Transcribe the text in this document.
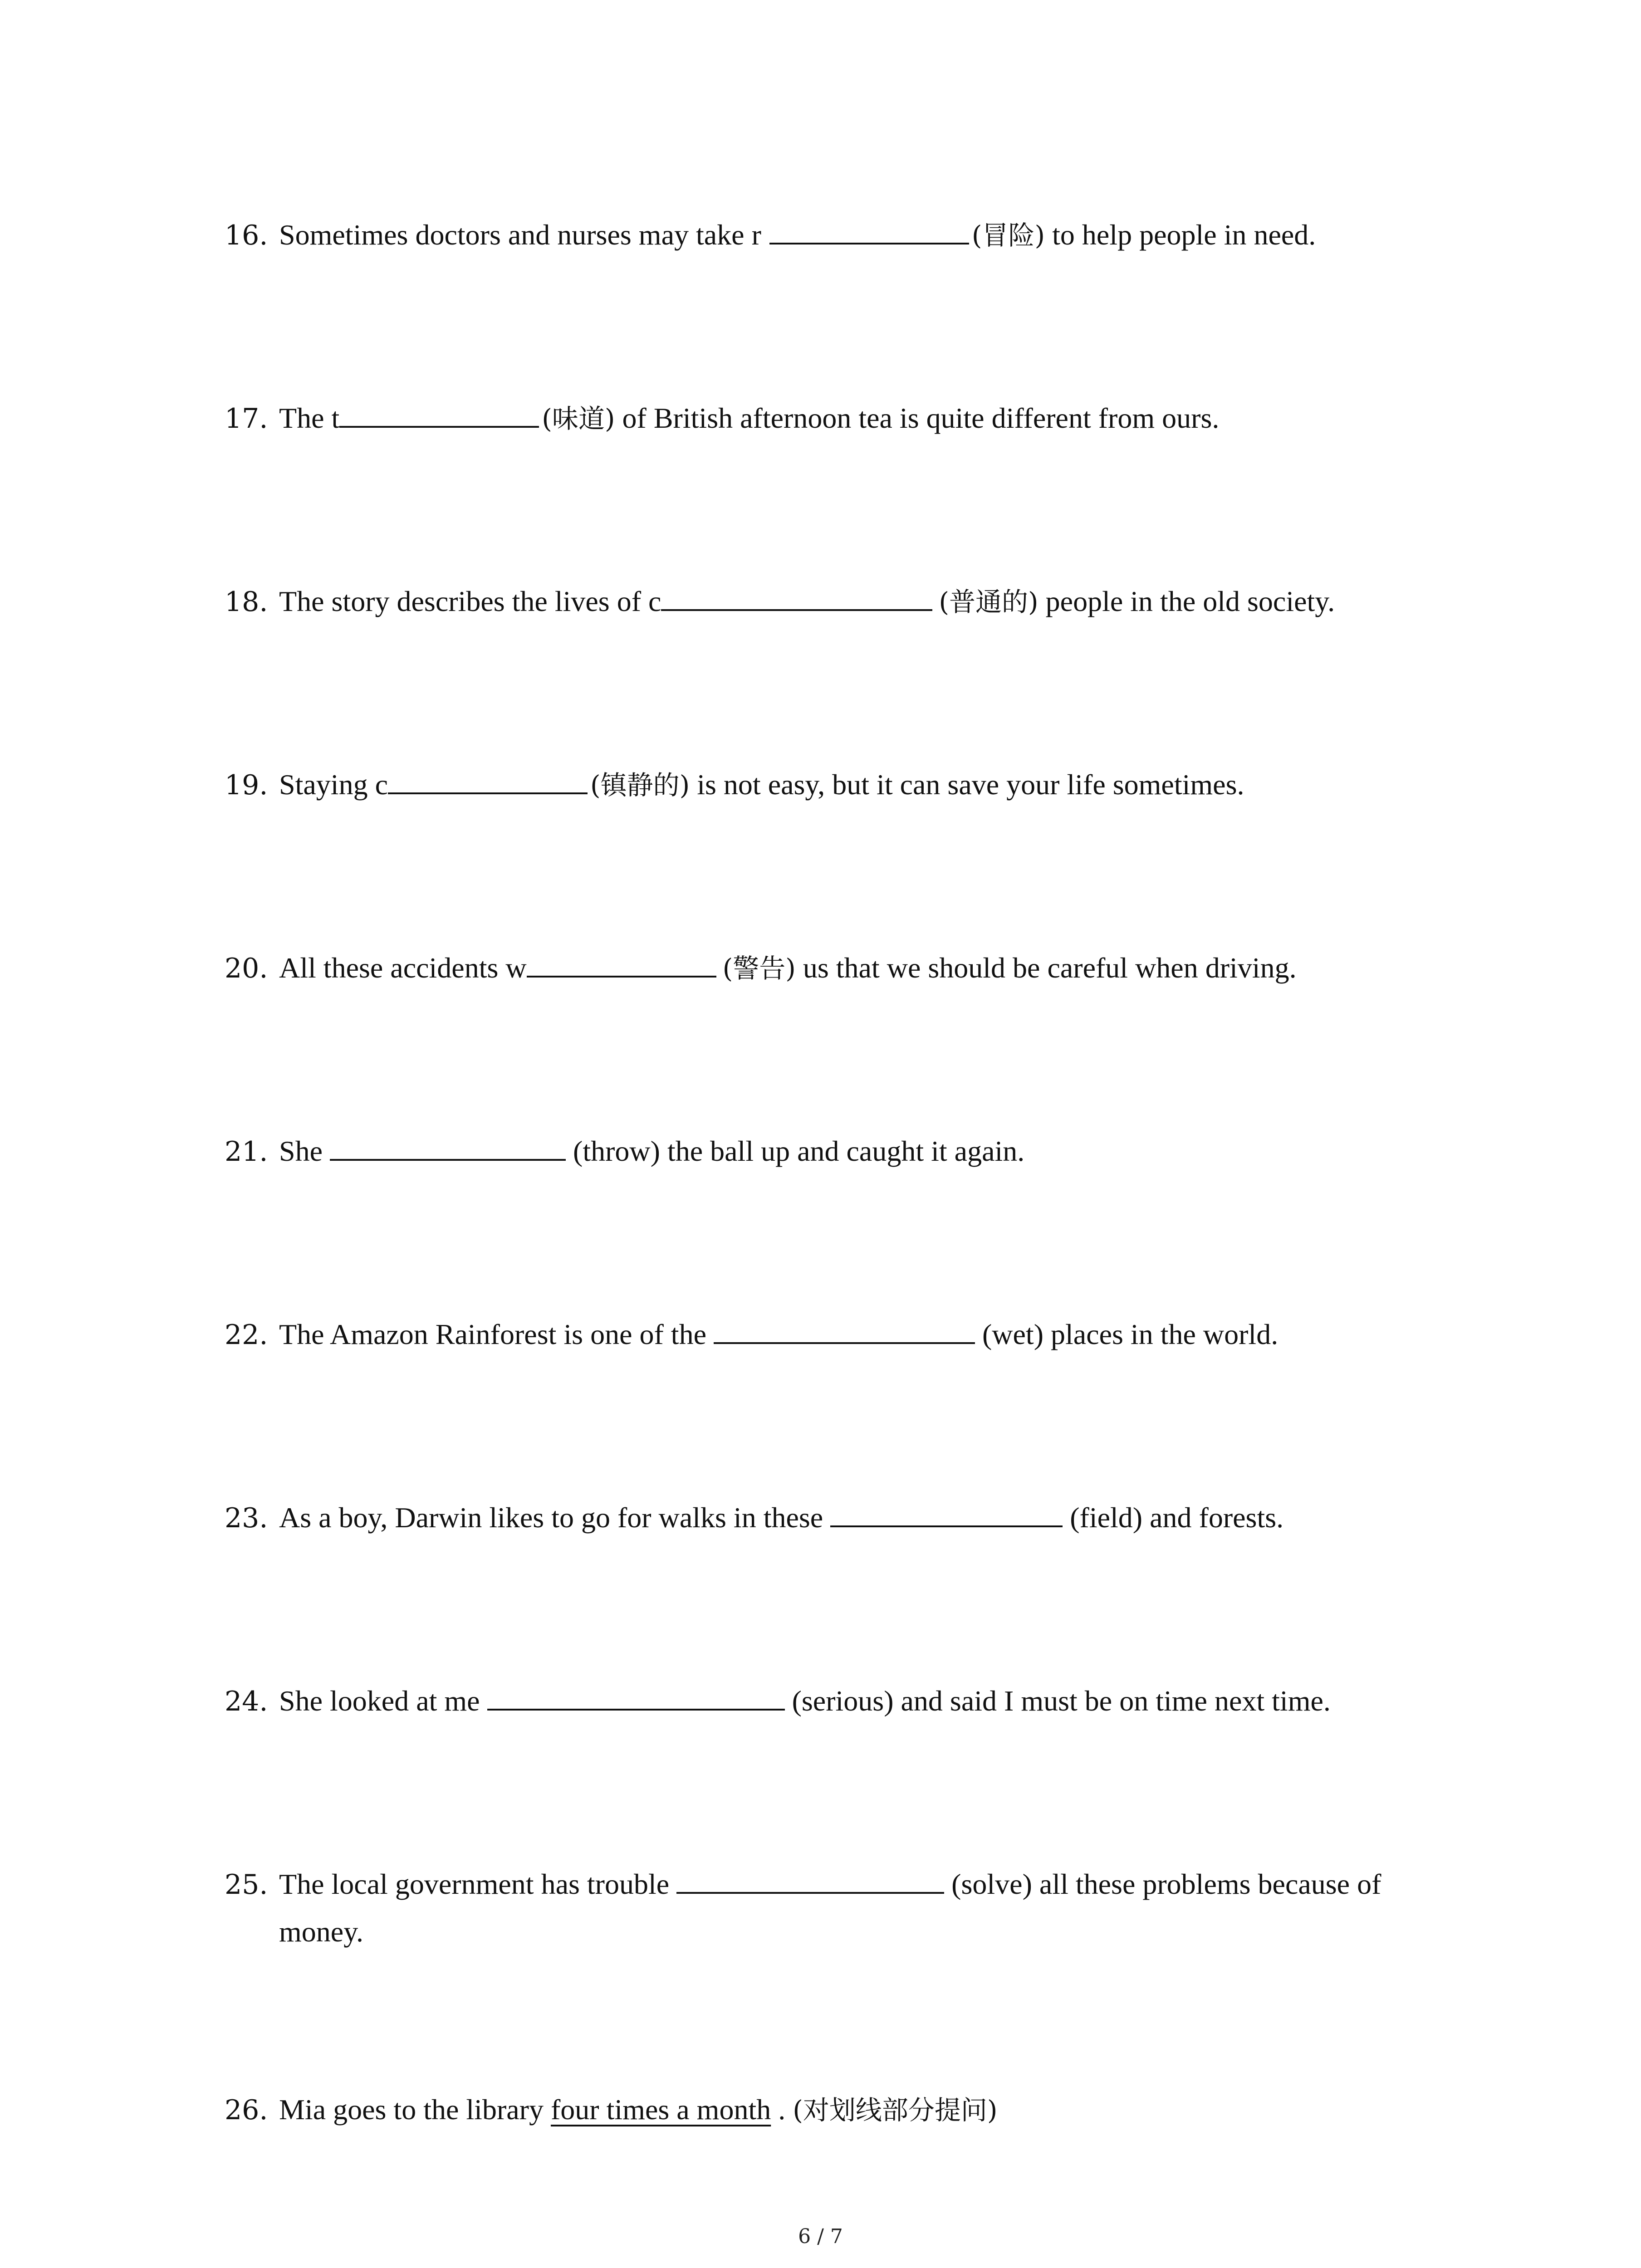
16. Sometimes doctors and nurses may take r	(冒险) to help people in need.
17. The t	(味道) of British afternoon tea is quite different from ours.
18. The story describes the lives of c	(普通的) people in the old society.
19. Staying c	(镇静的) is not easy, but it can save your life sometimes.
20. All these accidents w	(警告) us that we should be careful when driving.
21. She	(throw) the ball up and caught it again.
22. The Amazon Rainforest is one of the	(wet) places in the world.
23. As a boy, Darwin likes to go for walks in these	(field) and forests.
24. She looked at me	(serious) and said I must be on time next time.
25. The local government has trouble	(solve) all these problems because of
money.
26. Mia goes to the library four times a month . (对划线部分提问)
6 / 7
